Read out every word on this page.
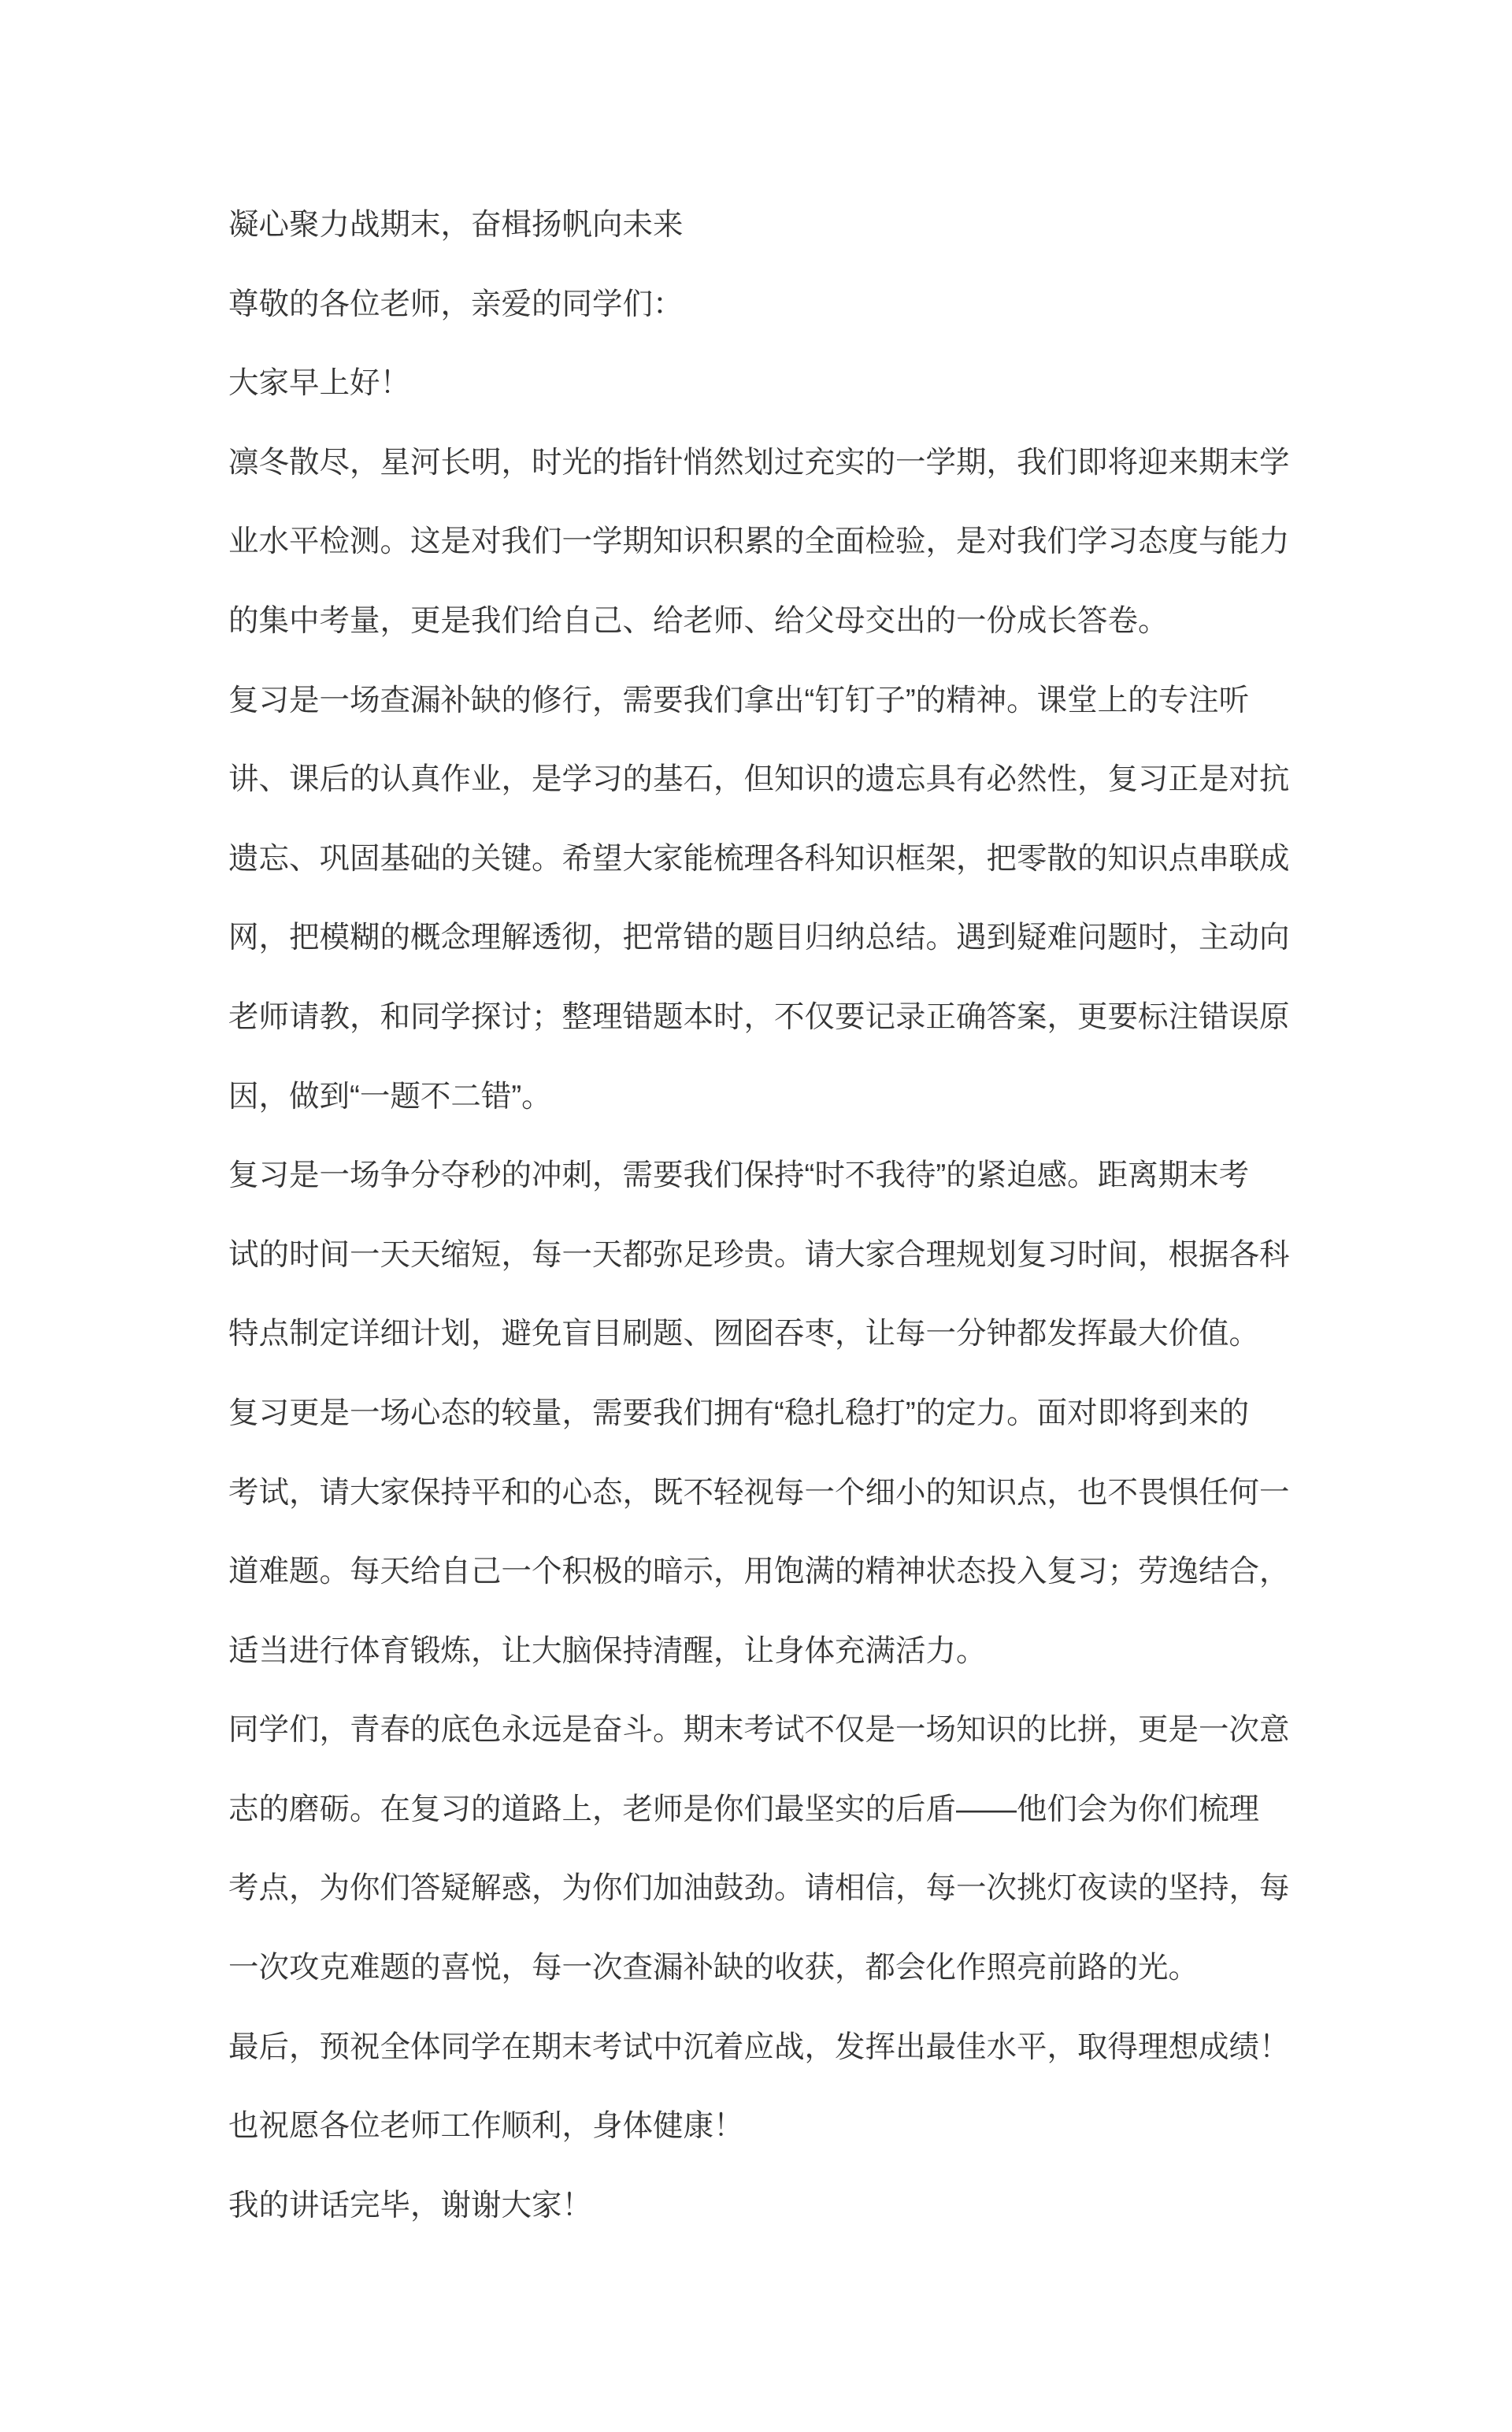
凝心聚力战期末，奋楫扬帆向未来
尊敬的各位老师，亲爱的同学们：
大家早上好！
凛冬散尽，星河长明，时光的指针悄然划过充实的一学期，我们即将迎来期末学
业水平检测。这是对我们一学期知识积累的全面检验，是对我们学习态度与能力
的集中考量，更是我们给自己、给老师、给父母交出的一份成长答卷。
复习是一场查漏补缺的修行，需要我们拿出“钉钉子”的精神。课堂上的专注听
讲、课后的认真作业，是学习的基石，但知识的遗忘具有必然性，复习正是对抗
遗忘、巩固基础的关键。希望大家能梳理各科知识框架，把零散的知识点串联成
网，把模糊的概念理解透彻，把常错的题目归纳总结。遇到疑难问题时，主动向
老师请教，和同学探讨；整理错题本时，不仅要记录正确答案，更要标注错误原
因，做到“一题不二错”。
复习是一场争分夺秒的冲刺，需要我们保持“时不我待”的紧迫感。距离期末考
试的时间一天天缩短，每一天都弥足珍贵。请大家合理规划复习时间，根据各科
特点制定详细计划，避免盲目刷题、囫囵吞枣，让每一分钟都发挥最大价值。
复习更是一场心态的较量，需要我们拥有“稳扎稳打”的定力。面对即将到来的
考试，请大家保持平和的心态，既不轻视每一个细小的知识点，也不畏惧任何一
道难题。每天给自己一个积极的暗示，用饱满的精神状态投入复习；劳逸结合，
适当进行体育锻炼，让大脑保持清醒，让身体充满活力。
同学们，青春的底色永远是奋斗。期末考试不仅是一场知识的比拼，更是一次意
志的磨砺。在复习的道路上，老师是你们最坚实的后盾——他们会为你们梳理
考点，为你们答疑解惑，为你们加油鼓劲。请相信，每一次挑灯夜读的坚持，每
一次攻克难题的喜悦，每一次查漏补缺的收获，都会化作照亮前路的光。
最后，预祝全体同学在期末考试中沉着应战，发挥出最佳水平，取得理想成绩！
也祝愿各位老师工作顺利，身体健康！
我的讲话完毕，谢谢大家！
